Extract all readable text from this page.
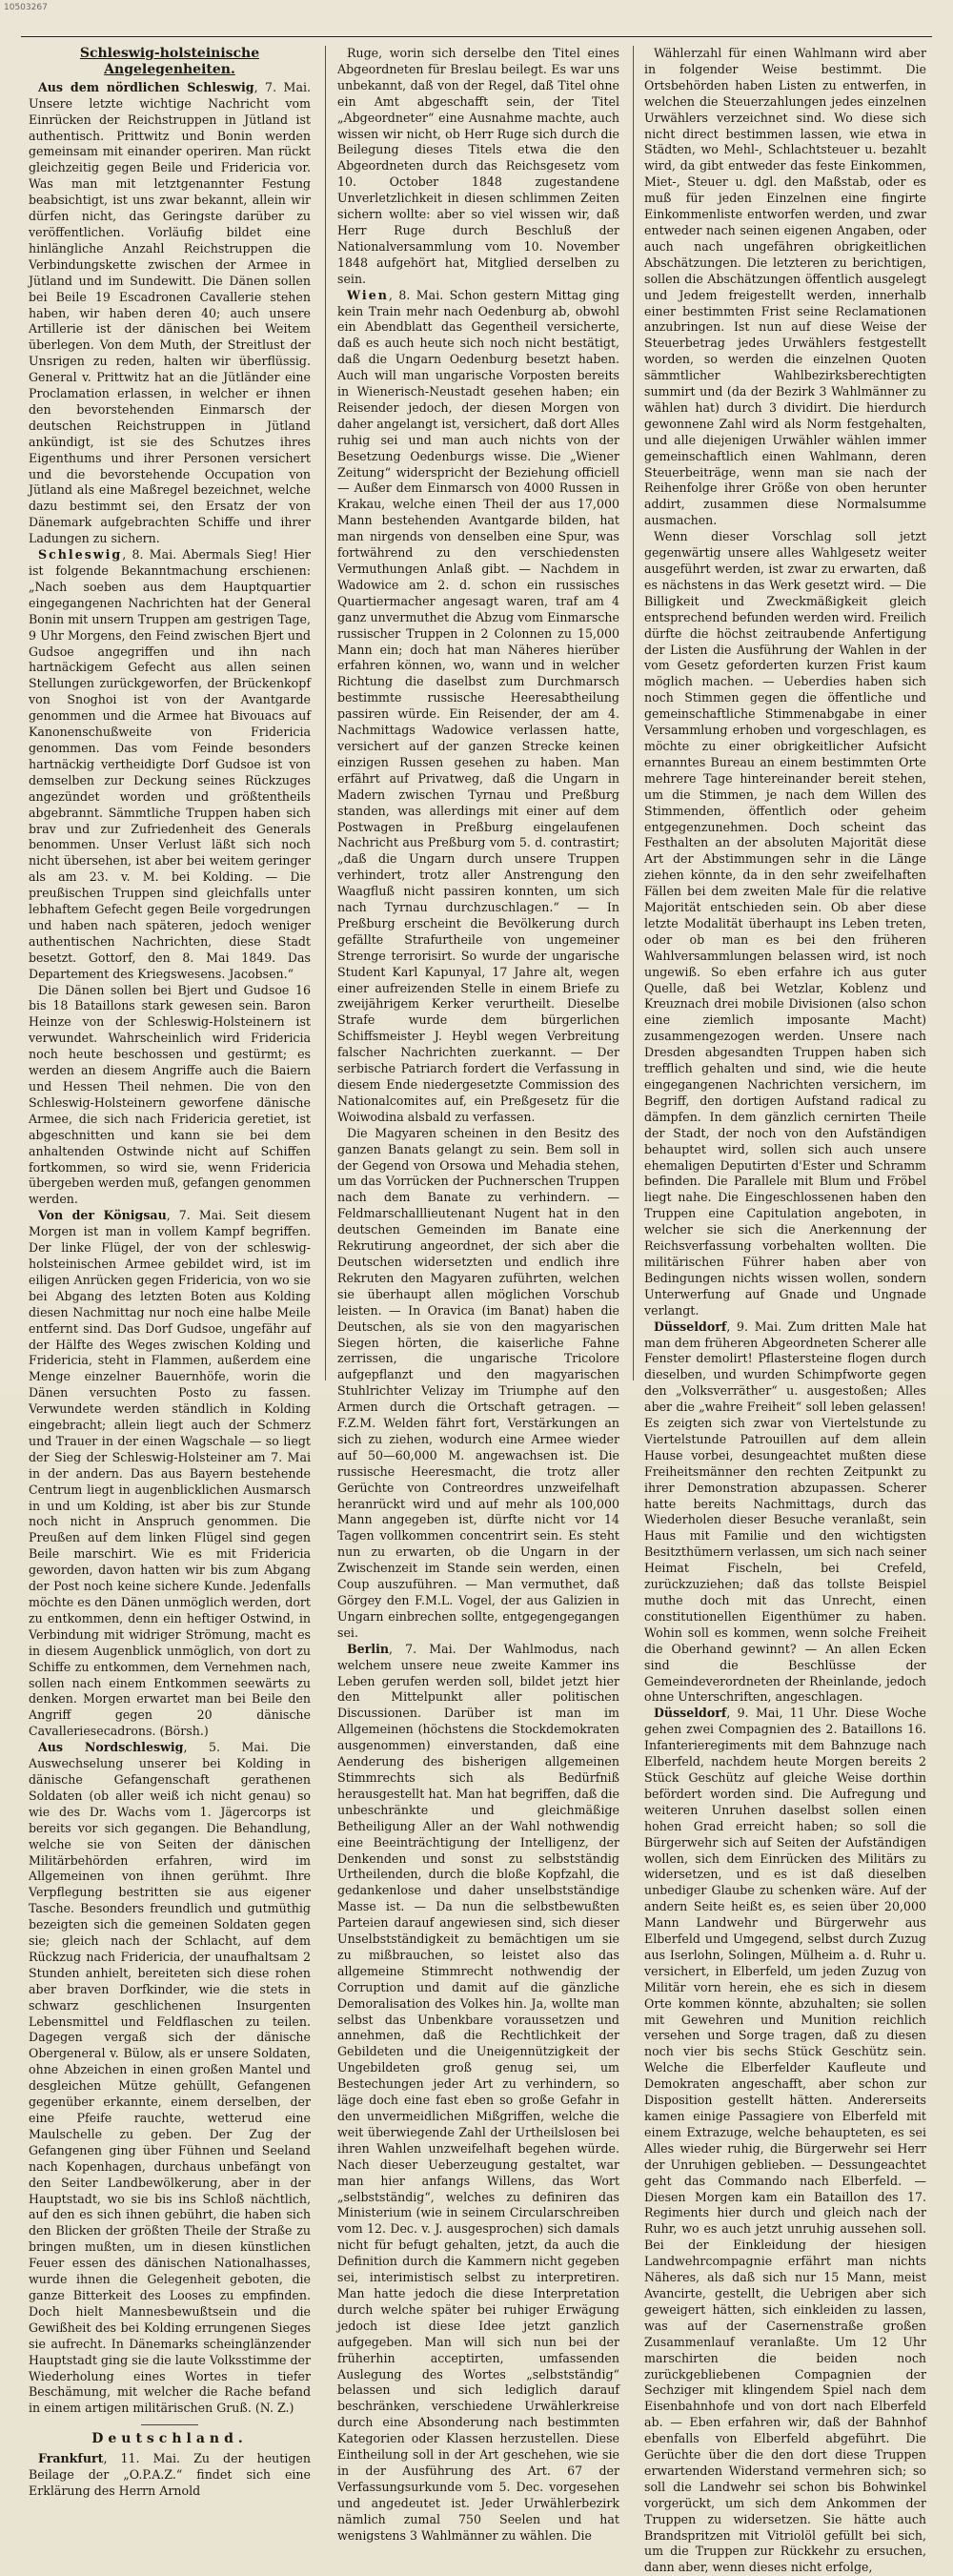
10503267
Schleswig-holsteinische Angelegenheiten.

Aus dem nördlichen Schleswig, 7. Mai. Unsere letzte wichtige Nachricht vom Einrücken der Reichstruppen in Jütland ist authentisch. Prittwitz und Bonin werden gemeinsam mit einander operiren. Man rückt gleichzeitig gegen Beile und Fridericia vor. Was man mit letztgenannter Festung beabsichtigt, ist uns zwar bekannt, allein wir dürfen nicht, das Geringste darüber zu veröffentlichen. Vorläufig bildet eine hinlängliche Anzahl Reichstruppen die Verbindungskette zwischen der Armee in Jütland und im Sundewitt. Die Dänen sollen bei Beile 19 Escadronen Cavallerie stehen haben, wir haben deren 40; auch unsere Artillerie ist der dänischen bei Weitem überlegen. Von dem Muth, der Streitlust der Unsrigen zu reden, halten wir überflüssig. General v. Prittwitz hat an die Jütländer eine Proclamation erlassen, in welcher er ihnen den bevorstehenden Einmarsch der deutschen Reichstruppen in Jütland ankündigt, ist sie des Schutzes ihres Eigenthums und ihrer Personen versichert und die bevorstehende Occupation von Jütland als eine Maßregel bezeichnet, welche dazu bestimmt sei, den Ersatz der von Dänemark aufgebrachten Schiffe und ihrer Ladungen zu sichern.

Schleswig, 8. Mai. Abermals Sieg! Hier ist folgende Bekanntmachung erschienen: „Nach soeben aus dem Hauptquartier eingegangenen Nachrichten hat der General Bonin mit unsern Truppen am gestrigen Tage, 9 Uhr Morgens, den Feind zwischen Bjert und Gudsoe angegriffen und ihn nach hartnäckigem Gefecht aus allen seinen Stellungen zurückgeworfen, der Brückenkopf von Snoghoi ist von der Avantgarde genommen und die Armee hat Bivouacs auf Kanonenschußweite von Fridericia genommen. Das vom Feinde besonders hartnäckig vertheidigte Dorf Gudsoe ist von demselben zur Deckung seines Rückzuges angezündet worden und größtentheils abgebrannt. Sämmtliche Truppen haben sich brav und zur Zufriedenheit des Generals benommen. Unser Verlust läßt sich noch nicht übersehen, ist aber bei weitem geringer als am 23. v. M. bei Kolding. — Die preußischen Truppen sind gleichfalls unter lebhaftem Gefecht gegen Beile vorgedrungen und haben nach späteren, jedoch weniger authentischen Nachrichten, diese Stadt besetzt. Gottorf, den 8. Mai 1849. Das Departement des Kriegswesens. Jacobsen.“

Die Dänen sollen bei Bjert und Gudsoe 16 bis 18 Bataillons stark gewesen sein. Baron Heinze von der Schleswig-Holsteinern ist verwundet. Wahrscheinlich wird Fridericia noch heute beschossen und gestürmt; es werden an diesem Angriffe auch die Baiern und Hessen Theil nehmen. Die von den Schleswig-Holsteinern geworfene dänische Armee, die sich nach Fridericia geretiet, ist abgeschnitten und kann sie bei dem anhaltenden Ostwinde nicht auf Schiffen fortkommen, so wird sie, wenn Fridericia übergeben werden muß, gefangen genommen werden.

Von der Königsau, 7. Mai. Seit diesem Morgen ist man in vollem Kampf begriffen. Der linke Flügel, der von der schleswig-holsteinischen Armee gebildet wird, ist im eiligen Anrücken gegen Fridericia, von wo sie bei Abgang des letzten Boten aus Kolding diesen Nachmittag nur noch eine halbe Meile entfernt sind. Das Dorf Gudsoe, ungefähr auf der Hälfte des Weges zwischen Kolding und Fridericia, steht in Flammen, außerdem eine Menge einzelner Bauernhöfe, worin die Dänen versuchten Posto zu fassen. Verwundete werden ständlich in Kolding eingebracht; allein liegt auch der Schmerz und Trauer in der einen Wagschale — so liegt der Sieg der Schleswig-Holsteiner am 7. Mai in der andern. Das aus Bayern bestehende Centrum liegt in augenblicklichen Ausmarsch in und um Kolding, ist aber bis zur Stunde noch nicht in Anspruch genommen. Die Preußen auf dem linken Flügel sind gegen Beile marschirt. Wie es mit Fridericia geworden, davon hatten wir bis zum Abgang der Post noch keine sichere Kunde. Jedenfalls möchte es den Dänen unmöglich werden, dort zu entkommen, denn ein heftiger Ostwind, in Verbindung mit widriger Strömung, macht es in diesem Augenblick unmöglich, von dort zu Schiffe zu entkommen, dem Vernehmen nach, sollen nach einem Entkommen seewärts zu denken. Morgen erwartet man bei Beile den Angriff gegen 20 dänische Cavalleriesecadrons. (Börsh.)

Aus Nordschleswig, 5. Mai. Die Auswechselung unserer bei Kolding in dänische Gefangenschaft gerathenen Soldaten (ob aller weiß ich nicht genau) so wie des Dr. Wachs vom 1. Jägercorps ist bereits vor sich gegangen. Die Behandlung, welche sie von Seiten der dänischen Militärbehörden erfahren, wird im Allgemeinen von ihnen gerühmt. Ihre Verpflegung bestritten sie aus eigener Tasche. Besonders freundlich und gutmüthig bezeigten sich die gemeinen Soldaten gegen sie; gleich nach der Schlacht, auf dem Rückzug nach Fridericia, der unaufhaltsam 2 Stunden anhielt, bereiteten sich diese rohen aber braven Dorfkinder, wie die stets in schwarz geschlichenen Insurgenten Lebensmittel und Feldflaschen zu teilen. Dagegen vergaß sich der dänische Obergeneral v. Bülow, als er unsere Soldaten, ohne Abzeichen in einen großen Mantel und desgleichen Mütze gehüllt, Gefangenen gegenüber erkannte, einem derselben, der eine Pfeife rauchte, wetterud eine Maulschelle zu geben. Der Zug der Gefangenen ging über Fühnen und Seeland nach Kopenhagen, durchaus unbefängt von den Seiter Landbewölkerung, aber in der Hauptstadt, wo sie bis ins Schloß nächtlich, auf den es sich ihnen gebührt, die haben sich den Blicken der größten Theile der Straße zu bringen mußten, um in diesen künstlichen Feuer essen des dänischen Nationalhasses, wurde ihnen die Gelegenheit geboten, die ganze Bitterkeit des Looses zu empfinden. Doch hielt Mannesbewußtsein und die Gewißheit des bei Kolding errungenen Sieges sie aufrecht. In Dänemarks scheinglänzender Hauptstadt ging sie die laute Volksstimme der Wiederholung eines Wortes in tiefer Beschämung, mit welcher die Rache befand in einem artigen militärischen Gruß. (N. Z.)

Deutschland.

Frankfurt, 11. Mai. Zu der heutigen Beilage der „O.P.A.Z.“ findet sich eine Erklärung des Herrn Arnold

Ruge, worin sich derselbe den Titel eines Abgeordneten für Breslau beilegt. Es war uns unbekannt, daß von der Regel, daß Titel ohne ein Amt abgeschafft sein, der Titel „Abgeordneter“ eine Ausnahme machte, auch wissen wir nicht, ob Herr Ruge sich durch die Beilegung dieses Titels etwa die den Abgeordneten durch das Reichsgesetz vom 10. October 1848 zugestandene Unverletzlichkeit in diesen schlimmen Zeiten sichern wollte: aber so viel wissen wir, daß Herr Ruge durch Beschluß der Nationalversammlung vom 10. November 1848 aufgehört hat, Mitglied derselben zu sein.

Wien, 8. Mai. Schon gestern Mittag ging kein Train mehr nach Oedenburg ab, obwohl ein Abendblatt das Gegentheil versicherte, daß es auch heute sich noch nicht bestätigt, daß die Ungarn Oedenburg besetzt haben. Auch will man ungarische Vorposten bereits in Wienerisch-Neustadt gesehen haben; ein Reisender jedoch, der diesen Morgen von daher angelangt ist, versichert, daß dort Alles ruhig sei und man auch nichts von der Besetzung Oedenburgs wisse. Die „Wiener Zeitung“ widerspricht der Beziehung officiell — Außer dem Einmarsch von 4000 Russen in Krakau, welche einen Theil der aus 17,000 Mann bestehenden Avantgarde bilden, hat man nirgends von denselben eine Spur, was fortwährend zu den verschiedensten Vermuthungen Anlaß gibt. — Nachdem in Wadowice am 2. d. schon ein russisches Quartiermacher angesagt waren, traf am 4 ganz unvermuthet die Abzug vom Einmarsche russischer Truppen in 2 Colonnen zu 15,000 Mann ein; doch hat man Näheres hierüber erfahren können, wo, wann und in welcher Richtung die daselbst zum Durchmarsch bestimmte russische Heeresabtheilung passiren würde. Ein Reisender, der am 4. Nachmittags Wadowice verlassen hatte, versichert auf der ganzen Strecke keinen einzigen Russen gesehen zu haben. Man erfährt auf Privatweg, daß die Ungarn in Madern zwischen Tyrnau und Preßburg standen, was allerdings mit einer auf dem Postwagen in Preßburg eingelaufenen Nachricht aus Preßburg vom 5. d. contrastirt; „daß die Ungarn durch unsere Truppen verhindert, trotz aller Anstrengung den Waagfluß nicht passiren konnten, um sich nach Tyrnau durchzuschlagen.“ — In Preßburg erscheint die Bevölkerung durch gefällte Strafurtheile von ungemeiner Strenge terrorisirt. So wurde der ungarische Student Karl Kapunyal, 17 Jahre alt, wegen einer aufreizenden Stelle in einem Briefe zu zweijährigem Kerker verurtheilt. Dieselbe Strafe wurde dem bürgerlichen Schiffsmeister J. Heybl wegen Verbreitung falscher Nachrichten zuerkannt. — Der serbische Patriarch fordert die Verfassung in diesem Ende niedergesetzte Commission des Nationalcomites auf, ein Preßgesetz für die Woiwodina alsbald zu verfassen.

Die Magyaren scheinen in den Besitz des ganzen Banats gelangt zu sein. Bem soll in der Gegend von Orsowa und Mehadia stehen, um das Vorrücken der Puchnerschen Truppen nach dem Banate zu verhindern. — Feldmarschalllieutenant Nugent hat in den deutschen Gemeinden im Banate eine Rekrutirung angeordnet, der sich aber die Deutschen widersetzten und endlich ihre Rekruten den Magyaren zuführten, welchen sie überhaupt allen möglichen Vorschub leisten. — In Oravica (im Banat) haben die Deutschen, als sie von den magyarischen Siegen hörten, die kaiserliche Fahne zerrissen, die ungarische Tricolore aufgepflanzt und den magyarischen Stuhlrichter Velizay im Triumphe auf den Armen durch die Ortschaft getragen. — F.Z.M. Welden fährt fort, Verstärkungen an sich zu ziehen, wodurch eine Armee wieder auf 50—60,000 M. angewachsen ist. Die russische Heeresmacht, die trotz aller Gerüchte von Contreordres unzweifelhaft heranrückt wird und auf mehr als 100,000 Mann angegeben ist, dürfte nicht vor 14 Tagen vollkommen concentrirt sein. Es steht nun zu erwarten, ob die Ungarn in der Zwischenzeit im Stande sein werden, einen Coup auszuführen. — Man vermuthet, daß Görgey den F.M.L. Vogel, der aus Galizien in Ungarn einbrechen sollte, entgegengegangen sei.

Berlin, 7. Mai. Der Wahlmodus, nach welchem unsere neue zweite Kammer ins Leben gerufen werden soll, bildet jetzt hier den Mittelpunkt aller politischen Discussionen. Darüber ist man im Allgemeinen (höchstens die Stockdemokraten ausgenommen) einverstanden, daß eine Aenderung des bisherigen allgemeinen Stimmrechts sich als Bedürfniß herausgestellt hat. Man hat begriffen, daß die unbeschränkte und gleichmäßige Betheiligung Aller an der Wahl nothwendig eine Beeinträchtigung der Intelligenz, der Denkenden und sonst zu selbstständig Urtheilenden, durch die bloße Kopfzahl, die gedankenlose und daher unselbstständige Masse ist. — Da nun die selbstbewußten Parteien darauf angewiesen sind, sich dieser Unselbstständigkeit zu bemächtigen um sie zu mißbrauchen, so leistet also das allgemeine Stimmrecht nothwendig der Corruption und damit auf die gänzliche Demoralisation des Volkes hin. Ja, wollte man selbst das Unbenkbare voraussetzen und annehmen, daß die Rechtlichkeit der Gebildeten und die Uneigennützigkeit der Ungebildeten groß genug sei, um Bestechungen jeder Art zu verhindern, so läge doch eine fast eben so große Gefahr in den unvermeidlichen Mißgriffen, welche die weit überwiegende Zahl der Urtheilslosen bei ihren Wahlen unzweifelhaft begehen würde. Nach dieser Ueberzeugung gestaltet, war man hier anfangs Willens, das Wort „selbstständig“, welches zu definiren das Ministerium (wie in seinem Circularschreiben vom 12. Dec. v. J. ausgesprochen) sich damals nicht für befugt gehalten, jetzt, da auch die Definition durch die Kammern nicht gegeben sei, interimistisch selbst zu interpretiren. Man hatte jedoch die diese Interpretation durch welche später bei ruhiger Erwägung jedoch ist diese Idee jetzt ganzlich aufgegeben. Man will sich nun bei der früherhin acceptirten, umfassenden Auslegung des Wortes „selbstständig“ belassen und sich lediglich darauf beschränken, verschiedene Urwählerkreise durch eine Absonderung nach bestimmten Kategorien oder Klassen herzustellen. Diese Eintheilung soll in der Art geschehen, wie sie in der Ausführung des Art. 67 der Verfassungsurkunde vom 5. Dec. vorgesehen und angedeutet ist. Jeder Urwählerbezirk nämlich zumal 750 Seelen und hat wenigstens 3 Wahlmänner zu wählen. Die

Wählerzahl für einen Wahlmann wird aber in folgender Weise bestimmt. Die Ortsbehörden haben Listen zu entwerfen, in welchen die Steuerzahlungen jedes einzelnen Urwählers verzeichnet sind. Wo diese sich nicht direct bestimmen lassen, wie etwa in Städten, wo Mehl-, Schlachtsteuer u. bezahlt wird, da gibt entweder das feste Einkommen, Miet-, Steuer u. dgl. den Maßstab, oder es muß für jeden Einzelnen eine fingirte Einkommenliste entworfen werden, und zwar entweder nach seinen eigenen Angaben, oder auch nach ungefähren obrigkeitlichen Abschätzungen. Die letzteren zu berichtigen, sollen die Abschätzungen öffentlich ausgelegt und Jedem freigestellt werden, innerhalb einer bestimmten Frist seine Reclamationen anzubringen. Ist nun auf diese Weise der Steuerbetrag jedes Urwählers festgestellt worden, so werden die einzelnen Quoten sämmtlicher Wahlbezirksberechtigten summirt und (da der Bezirk 3 Wahlmänner zu wählen hat) durch 3 dividirt. Die hierdurch gewonnene Zahl wird als Norm festgehalten, und alle diejenigen Urwähler wählen immer gemeinschaftlich einen Wahlmann, deren Steuerbeiträge, wenn man sie nach der Reihenfolge ihrer Größe von oben herunter addirt, zusammen diese Normalsumme ausmachen.

Wenn dieser Vorschlag soll jetzt gegenwärtig unsere alles Wahlgesetz weiter ausgeführt werden, ist zwar zu erwarten, daß es nächstens in das Werk gesetzt wird. — Die Billigkeit und Zweckmäßigkeit gleich entsprechend befunden werden wird. Freilich dürfte die höchst zeitraubende Anfertigung der Listen die Ausführung der Wahlen in der vom Gesetz geforderten kurzen Frist kaum möglich machen. — Ueberdies haben sich noch Stimmen gegen die öffentliche und gemeinschaftliche Stimmenabgabe in einer Versammlung erhoben und vorgeschlagen, es möchte zu einer obrigkeitlicher Aufsicht ernanntes Bureau an einem bestimmten Orte mehrere Tage hintereinander bereit stehen, um die Stimmen, je nach dem Willen des Stimmenden, öffentlich oder geheim entgegenzunehmen. Doch scheint das Festhalten an der absoluten Majorität diese Art der Abstimmungen sehr in die Länge ziehen könnte, da in den sehr zweifelhaften Fällen bei dem zweiten Male für die relative Majorität entschieden sein. Ob aber diese letzte Modalität überhaupt ins Leben treten, oder ob man es bei den früheren Wahlversammlungen belassen wird, ist noch ungewiß. So eben erfahre ich aus guter Quelle, daß bei Wetzlar, Koblenz und Kreuznach drei mobile Divisionen (also schon eine ziemlich imposante Macht) zusammengezogen werden. Unsere nach Dresden abgesandten Truppen haben sich trefflich gehalten und sind, wie die heute eingegangenen Nachrichten versichern, im Begriff, den dortigen Aufstand radical zu dämpfen. In dem gänzlich cernirten Theile der Stadt, der noch von den Aufständigen behauptet wird, sollen sich auch unsere ehemaligen Deputirten d'Ester und Schramm befinden. Die Parallele mit Blum und Fröbel liegt nahe. Die Eingeschlossenen haben den Truppen eine Capitulation angeboten, in welcher sie sich die Anerkennung der Reichsverfassung vorbehalten wollten. Die militärischen Führer haben aber von Bedingungen nichts wissen wollen, sondern Unterwerfung auf Gnade und Ungnade verlangt.

Düsseldorf, 9. Mai. Zum dritten Male hat man dem früheren Abgeordneten Scherer alle Fenster demolirt! Pflastersteine flogen durch dieselben, und wurden Schimpfworte gegen den „Volksverräther“ u. ausgestoßen; Alles aber die „wahre Freiheit“ soll leben gelassen! Es zeigten sich zwar von Viertelstunde zu Viertelstunde Patrouillen auf dem allein Hause vorbei, desungeachtet mußten diese Freiheitsmänner den rechten Zeitpunkt zu ihrer Demonstration abzupassen. Scherer hatte bereits Nachmittags, durch das Wiederholen dieser Besuche veranlaßt, sein Haus mit Familie und den wichtigsten Besitzthümern verlassen, um sich nach seiner Heimat Fischeln, bei Crefeld, zurückzuziehen; daß das tollste Beispiel muthe doch mit das Unrecht, einen constitutionellen Eigenthümer zu haben. Wohin soll es kommen, wenn solche Freiheit die Oberhand gewinnt? — An allen Ecken sind die Beschlüsse der Gemeindeverordneten der Rheinlande, jedoch ohne Unterschriften, angeschlagen.

Düsseldorf, 9. Mai, 11 Uhr. Diese Woche gehen zwei Compagnien des 2. Bataillons 16. Infanterieregiments mit dem Bahnzuge nach Elberfeld, nachdem heute Morgen bereits 2 Stück Geschütz auf gleiche Weise dorthin befördert worden sind. Die Aufregung und weiteren Unruhen daselbst sollen einen hohen Grad erreicht haben; so soll die Bürgerwehr sich auf Seiten der Aufständigen wollen, sich dem Einrücken des Militärs zu widersetzen, und es ist daß dieselben unbediger Glaube zu schenken wäre. Auf der andern Seite heißt es, es seien über 20,000 Mann Landwehr und Bürgerwehr aus Elberfeld und Umgegend, selbst durch Zuzug aus Iserlohn, Solingen, Mülheim a. d. Ruhr u. versichert, in Elberfeld, um jeden Zuzug von Militär vorn herein, ehe es sich in diesem Orte kommen könnte, abzuhalten; sie sollen mit Gewehren und Munition reichlich versehen und Sorge tragen, daß zu diesen noch vier bis sechs Stück Geschütz sein. Welche die Elberfelder Kaufleute und Demokraten angeschafft, aber schon zur Disposition gestellt hätten. Andererseits kamen einige Passagiere von Elberfeld mit einem Extrazuge, welche behaupteten, es sei Alles wieder ruhig, die Bürgerwehr sei Herr der Unruhigen geblieben. — Dessungeachtet geht das Commando nach Elberfeld. — Diesen Morgen kam ein Bataillon des 17. Regiments hier durch und gleich nach der Ruhr, wo es auch jetzt unruhig aussehen soll. Bei der Einkleidung der hiesigen Landwehrcompagnie erfährt man nichts Näheres, als daß sich nur 15 Mann, meist Avancirte, gestellt, die Uebrigen aber sich geweigert hätten, sich einkleiden zu lassen, was auf der Casernenstraße großen Zusammenlauf veranlaßte. Um 12 Uhr marschirten die beiden noch zurückgebliebenen Compagnien der Sechziger mit klingendem Spiel nach dem Eisenbahnhofe und von dort nach Elberfeld ab. — Eben erfahren wir, daß der Bahnhof ebenfalls von Elberfeld abgeführt. Die Gerüchte über die den dort diese Truppen erwartenden Widerstand vermehren sich; so soll die Landwehr sei schon bis Bohwinkel vorgerückt, um sich dem Ankommen der Truppen zu widersetzen. Sie hätte auch Brandspritzen mit Vitriolöl gefüllt bei sich, um die Truppen zur Rückkehr zu ersuchen, dann aber, wenn dieses nicht erfolge,
